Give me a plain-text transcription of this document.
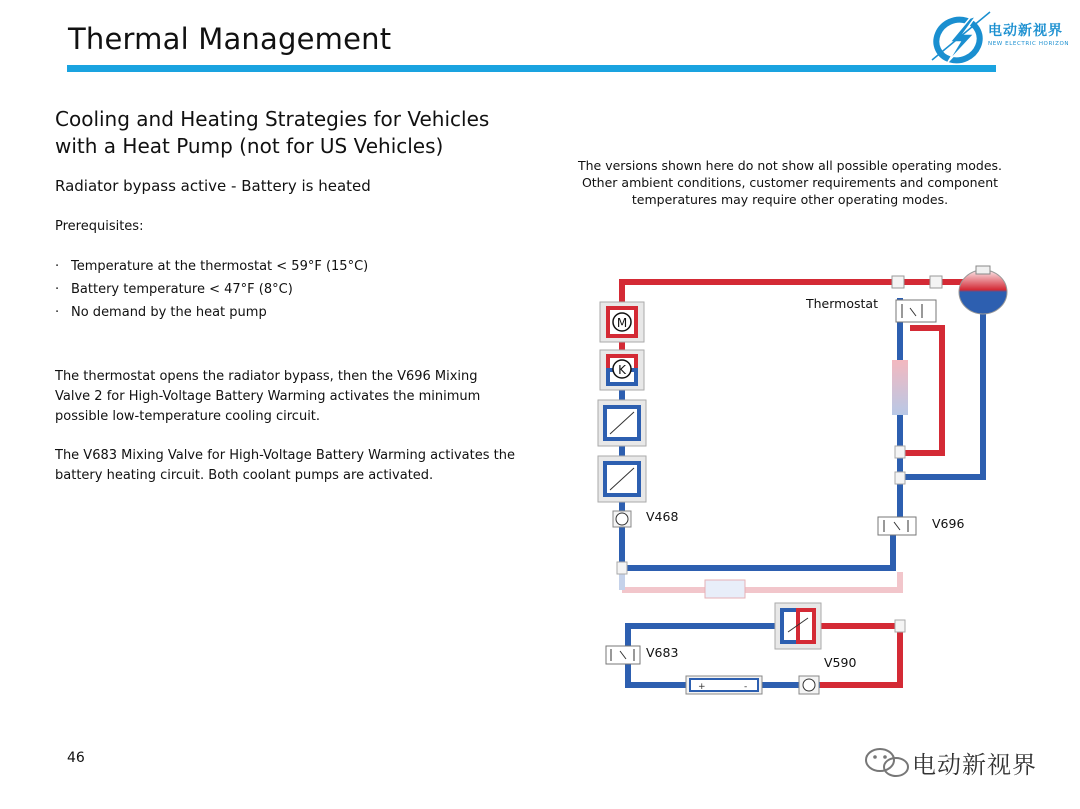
Thermal Management	电动新视界
NEW ELECTRIC HORIZON
Cooling and Heating Strategies for Vehicles with a Heat Pump (not for US Vehicles)
Radiator bypass active - Battery is heated
Prerequisites:
· Temperature at the thermostat < 59°F (15°C)
· Battery temperature < 47°F (8°C)
· No demand by the heat pump
The thermostat opens the radiator bypass, then the V696 Mixing Valve 2 for High-Voltage Battery Warming activates the minimum possible low-temperature cooling circuit.
The V683 Mixing Valve for High-Voltage Battery Warming activates the battery heating circuit. Both coolant pumps are activated.
The versions shown here do not show all possible operating modes. Other ambient conditions, customer requirements and component temperatures may require other operating modes.
M
K
+	-
Thermostat
V468	V696
V683
V590
46	电动新视界
